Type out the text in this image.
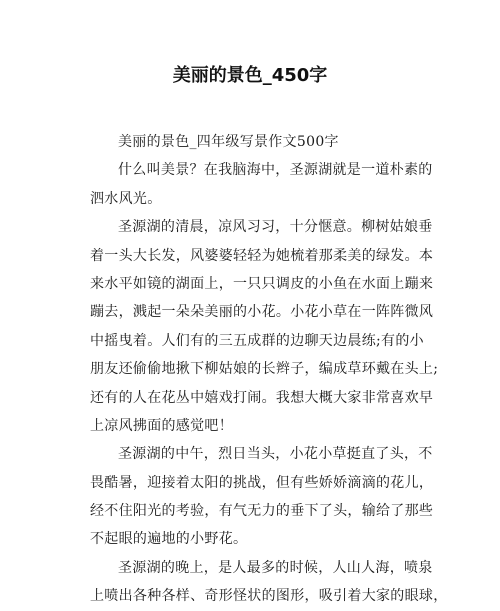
美丽的景色_450字
美丽的景色_四年级写景作文500字
什么叫美景？在我脑海中，圣源湖就是一道朴素的
泗水风光。
圣源湖的清晨，凉风习习，十分惬意。柳树姑娘垂
着一头大长发，风婆婆轻轻为她梳着那柔美的绿发。本
来水平如镜的湖面上，一只只调皮的小鱼在水面上蹦来
蹦去，溅起一朵朵美丽的小花。小花小草在一阵阵微风
中摇曳着。人们有的三五成群的边聊天边晨练;有的小
朋友还偷偷地揪下柳姑娘的长辫子，编成草环戴在头上;
还有的人在花丛中嬉戏打闹。我想大概大家非常喜欢早
上凉风拂面的感觉吧！
圣源湖的中午，烈日当头，小花小草挺直了头，不
畏酷暑，迎接着太阳的挑战，但有些娇娇滴滴的花儿，
经不住阳光的考验，有气无力的垂下了头，输给了那些
不起眼的遍地的小野花。
圣源湖的晚上，是人最多的时候，人山人海，喷泉
上喷出各种各样、奇形怪状的图形，吸引着大家的眼球，
